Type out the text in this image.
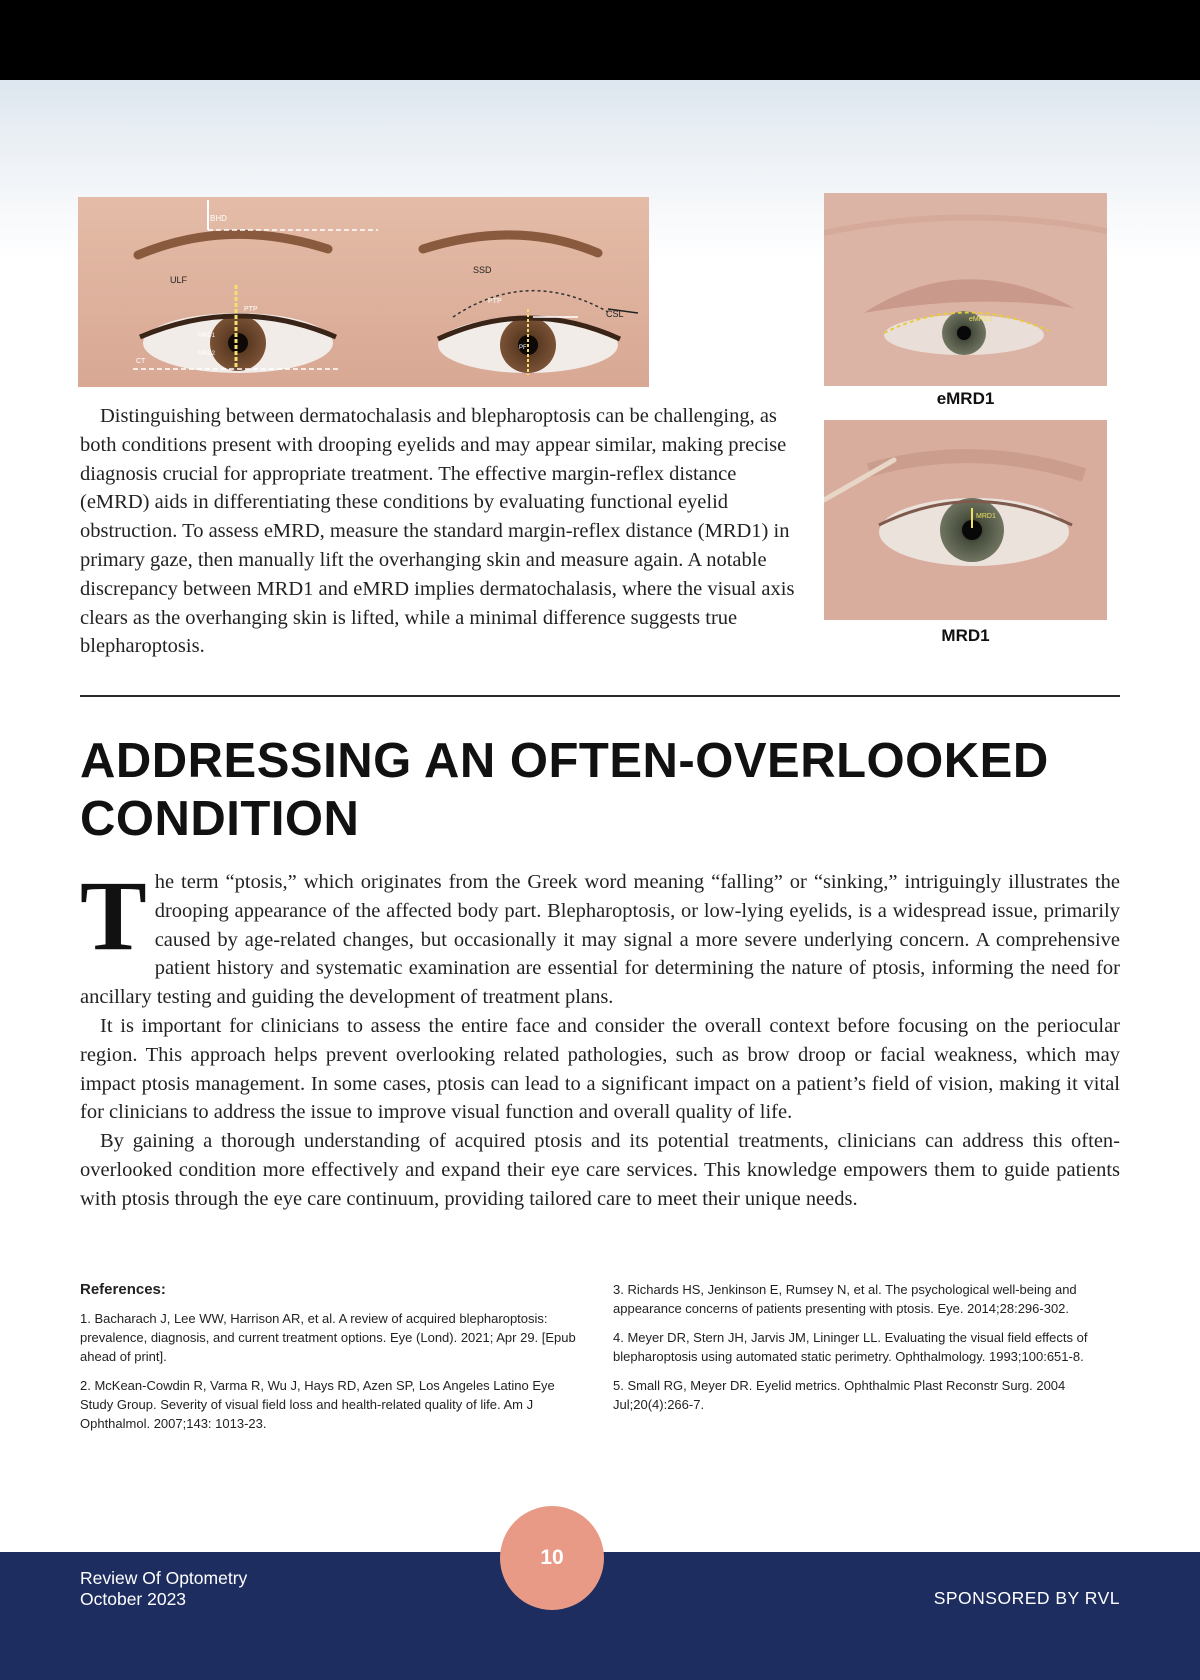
BHD
ULF
PTP
MRD1
MRD2
CT
SSD
PTP
CSL
PF
eMRD1
eMRD1
MRD1
MRD1

Distinguishing between dermatochalasis and blepharoptosis can be challenging, as both conditions present with drooping eyelids and may appear similar, making precise diagnosis crucial for appropriate treatment. The effective margin-reflex distance (eMRD) aids in differentiating these conditions by evaluating functional eyelid obstruction. To assess eMRD, measure the standard margin-reflex distance (MRD1) in primary gaze, then manually lift the overhanging skin and measure again. A notable discrepancy between MRD1 and eMRD implies dermatochalasis, where the visual axis clears as the overhanging skin is lifted, while a minimal difference suggests true blepharoptosis.

ADDRESSING AN OFTEN-OVERLOOKED CONDITION

The term “ptosis,” which originates from the Greek word meaning “falling” or “sinking,” intriguingly illustrates the drooping appearance of the affected body part. Blepharoptosis, or low-lying eyelids, is a widespread issue, primarily caused by age-related changes, but occasionally it may signal a more severe underlying concern. A comprehensive patient history and systematic examination are essential for determining the nature of ptosis, informing the need for ancillary testing and guiding the development of treatment plans.

It is important for clinicians to assess the entire face and consider the overall context before focusing on the periocular region. This approach helps prevent overlooking related pathologies, such as brow droop or facial weakness, which may impact ptosis management. In some cases, ptosis can lead to a significant impact on a patient’s field of vision, making it vital for clinicians to address the issue to improve visual function and overall quality of life.

By gaining a thorough understanding of acquired ptosis and its potential treatments, clinicians can address this often-overlooked condition more effectively and expand their eye care services. This knowledge empowers them to guide patients with ptosis through the eye care continuum, providing tailored care to meet their unique needs.

References:

1. Bacharach J, Lee WW, Harrison AR, et al. A review of acquired blepharoptosis: prevalence, diagnosis, and current treatment options. Eye (Lond). 2021; Apr 29. [Epub ahead of print].

2. McKean-Cowdin R, Varma R, Wu J, Hays RD, Azen SP, Los Angeles Latino Eye Study Group. Severity of visual field loss and health-related quality of life. Am J Ophthalmol. 2007;143: 1013-23.

3. Richards HS, Jenkinson E, Rumsey N, et al. The psychological well-being and appearance concerns of patients presenting with ptosis. Eye. 2014;28:296-302.

4. Meyer DR, Stern JH, Jarvis JM, Lininger LL. Evaluating the visual field effects of blepharoptosis using automated static perimetry. Ophthalmology. 1993;100:651-8.

5. Small RG, Meyer DR. Eyelid metrics. Ophthalmic Plast Reconstr Surg. 2004 Jul;20(4):266-7.

Review Of Optometry
October 2023	SPONSORED BY RVL
10
